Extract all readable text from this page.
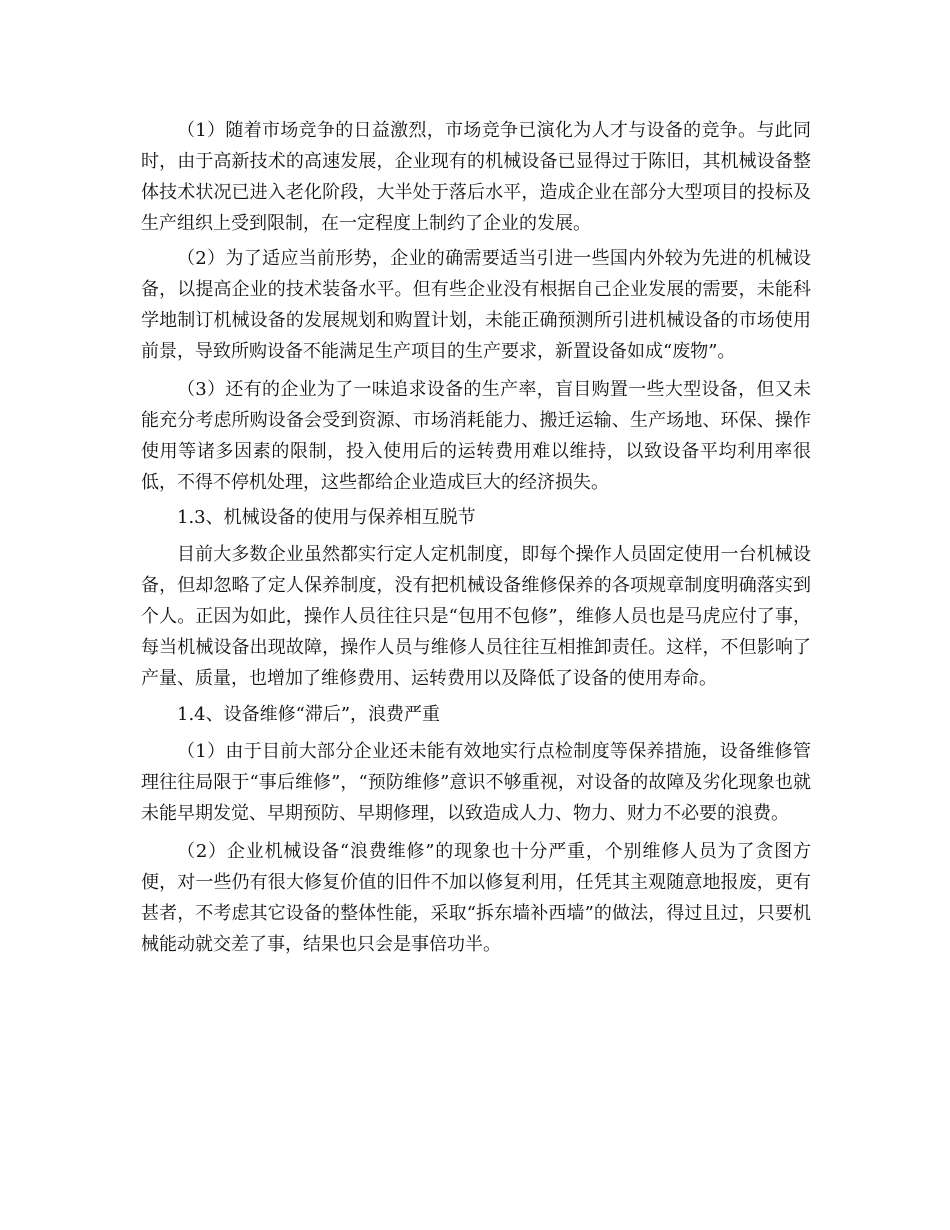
（1）随着市场竞争的日益激烈，市场竞争已演化为人才与设备的竞争。与此同时，由于高新技术的高速发展，企业现有的机械设备已显得过于陈旧，其机械设备整体技术状况已进入老化阶段，大半处于落后水平，造成企业在部分大型项目的投标及生产组织上受到限制，在一定程度上制约了企业的发展。

（2）为了适应当前形势，企业的确需要适当引进一些国内外较为先进的机械设备，以提高企业的技术装备水平。但有些企业没有根据自己企业发展的需要，未能科学地制订机械设备的发展规划和购置计划，未能正确预测所引进机械设备的市场使用前景，导致所购设备不能满足生产项目的生产要求，新置设备如成“废物”。

（3）还有的企业为了一味追求设备的生产率，盲目购置一些大型设备，但又未能充分考虑所购设备会受到资源、市场消耗能力、搬迁运输、生产场地、环保、操作使用等诸多因素的限制，投入使用后的运转费用难以维持，以致设备平均利用率很低，不得不停机处理，这些都给企业造成巨大的经济损失。

1.3、机械设备的使用与保养相互脱节

目前大多数企业虽然都实行定人定机制度，即每个操作人员固定使用一台机械设备，但却忽略了定人保养制度，没有把机械设备维修保养的各项规章制度明确落实到个人。正因为如此，操作人员往往只是“包用不包修”，维修人员也是马虎应付了事，每当机械设备出现故障，操作人员与维修人员往往互相推卸责任。这样，不但影响了产量、质量，也增加了维修费用、运转费用以及降低了设备的使用寿命。

1.4、设备维修“滞后”，浪费严重

（1）由于目前大部分企业还未能有效地实行点检制度等保养措施，设备维修管理往往局限于“事后维修”，“预防维修”意识不够重视，对设备的故障及劣化现象也就未能早期发觉、早期预防、早期修理，以致造成人力、物力、财力不必要的浪费。

（2）企业机械设备“浪费维修”的现象也十分严重，个别维修人员为了贪图方便，对一些仍有很大修复价值的旧件不加以修复利用，任凭其主观随意地报废，更有甚者，不考虑其它设备的整体性能，采取“拆东墙补西墙”的做法，得过且过，只要机械能动就交差了事，结果也只会是事倍功半。
